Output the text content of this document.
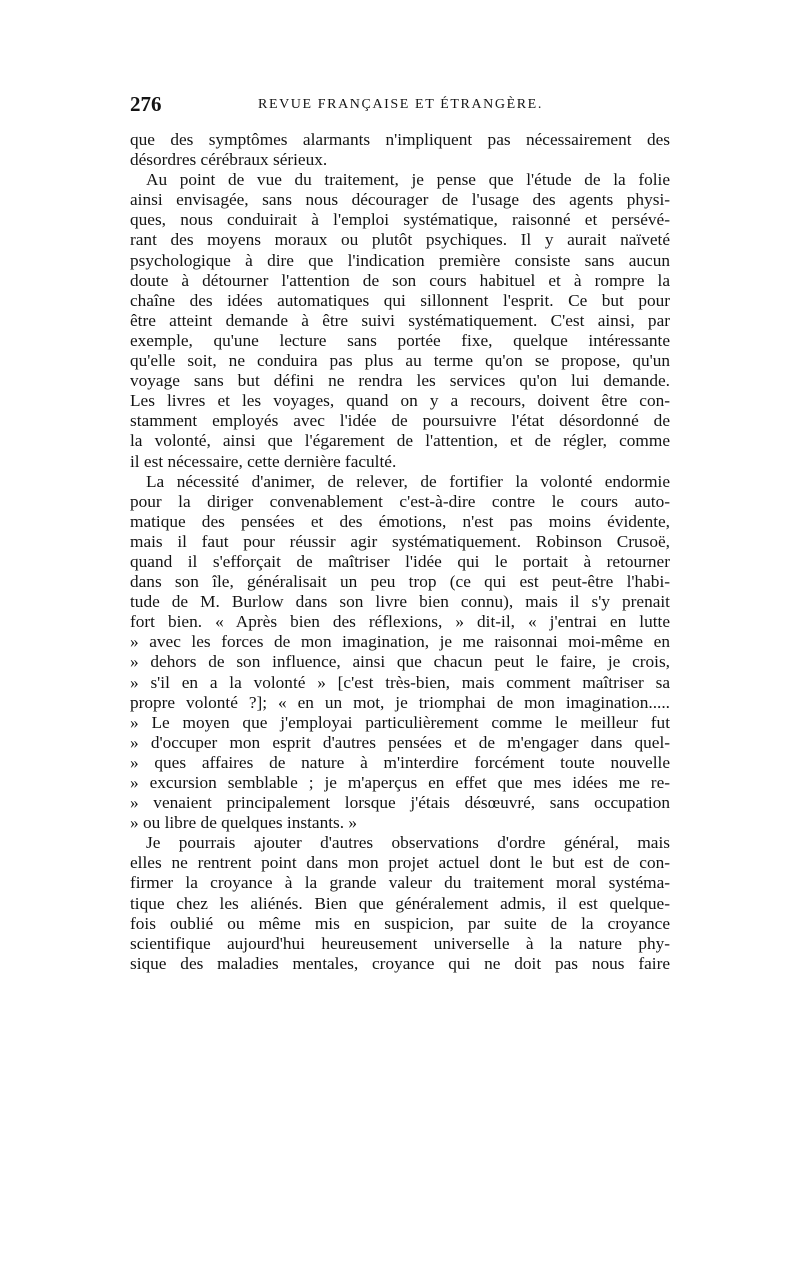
276	REVUE FRANÇAISE ET ÉTRANGÈRE.
que des symptômes alarmants n'impliquent pas nécessairement des
désordres cérébraux sérieux.
Au point de vue du traitement, je pense que l'étude de la folie
ainsi envisagée, sans nous décourager de l'usage des agents physi-
ques, nous conduirait à l'emploi systématique, raisonné et persévé-
rant des moyens moraux ou plutôt psychiques. Il y aurait naïveté
psychologique à dire que l'indication première consiste sans aucun
doute à détourner l'attention de son cours habituel et à rompre la
chaîne des idées automatiques qui sillonnent l'esprit. Ce but pour
être atteint demande à être suivi systématiquement. C'est ainsi, par
exemple, qu'une lecture sans portée fixe, quelque intéressante
qu'elle soit, ne conduira pas plus au terme qu'on se propose, qu'un
voyage sans but défini ne rendra les services qu'on lui demande.
Les livres et les voyages, quand on y a recours, doivent être con-
stamment employés avec l'idée de poursuivre l'état désordonné de
la volonté, ainsi que l'égarement de l'attention, et de régler, comme
il est nécessaire, cette dernière faculté.
La nécessité d'animer, de relever, de fortifier la volonté endormie
pour la diriger convenablement c'est-à-dire contre le cours auto-
matique des pensées et des émotions, n'est pas moins évidente,
mais il faut pour réussir agir systématiquement. Robinson Crusoë,
quand il s'efforçait de maîtriser l'idée qui le portait à retourner
dans son île, généralisait un peu trop (ce qui est peut-être l'habi-
tude de M. Burlow dans son livre bien connu), mais il s'y prenait
fort bien. « Après bien des réflexions, » dit-il, « j'entrai en lutte
» avec les forces de mon imagination, je me raisonnai moi-même en
» dehors de son influence, ainsi que chacun peut le faire, je crois,
» s'il en a la volonté » [c'est très-bien, mais comment maîtriser sa
propre volonté ?]; « en un mot, je triomphai de mon imagination.....
» Le moyen que j'employai particulièrement comme le meilleur fut
» d'occuper mon esprit d'autres pensées et de m'engager dans quel-
» ques affaires de nature à m'interdire forcément toute nouvelle
» excursion semblable ; je m'aperçus en effet que mes idées me re-
» venaient principalement lorsque j'étais désœuvré, sans occupation
» ou libre de quelques instants. »
Je pourrais ajouter d'autres observations d'ordre général, mais
elles ne rentrent point dans mon projet actuel dont le but est de con-
firmer la croyance à la grande valeur du traitement moral systéma-
tique chez les aliénés. Bien que généralement admis, il est quelque-
fois oublié ou même mis en suspicion, par suite de la croyance
scientifique aujourd'hui heureusement universelle à la nature phy-
sique des maladies mentales, croyance qui ne doit pas nous faire
